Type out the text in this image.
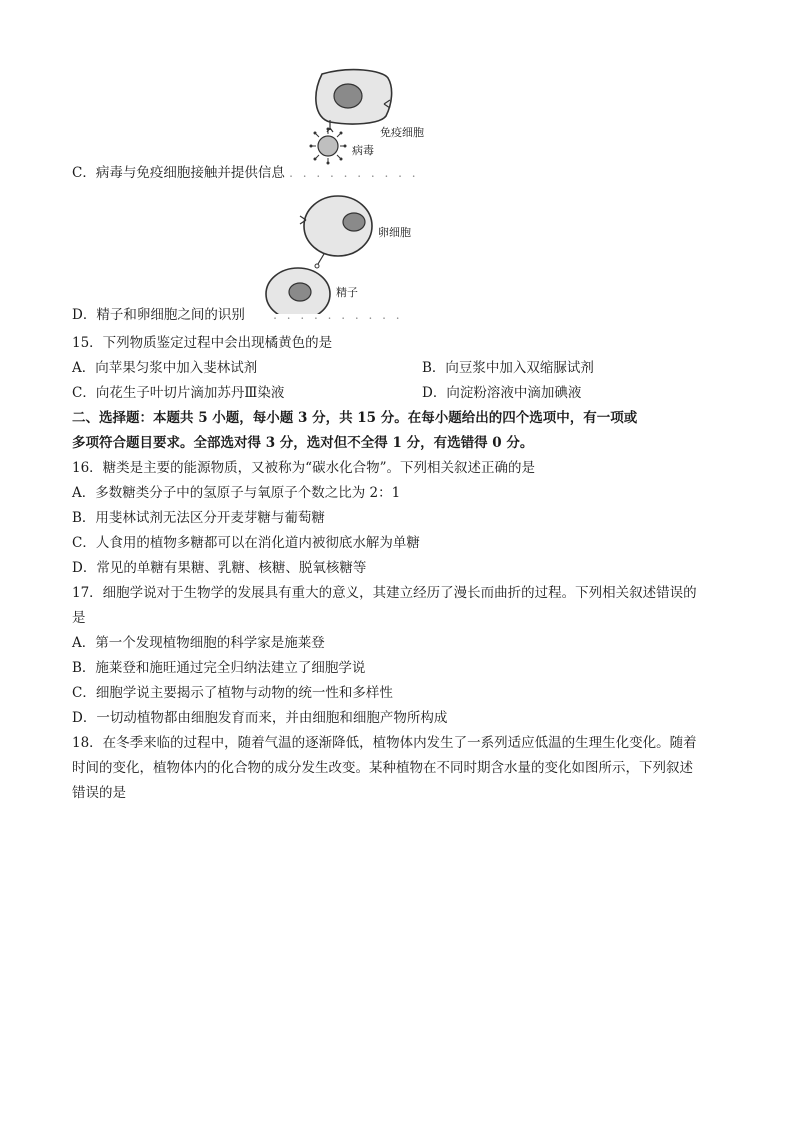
免疫细胞
病毒
C．病毒与免疫细胞接触并提供信息 . . . . . . . . . .
卵细胞
精子
D．精子和卵细胞之间的识别 . . . . . . . . . .
15．下列物质鉴定过程中会出现橘黄色的是
A．向苹果匀浆中加入斐林试剂	B．向豆浆中加入双缩脲试剂
C．向花生子叶切片滴加苏丹Ⅲ染液	D．向淀粉溶液中滴加碘液
二、选择题：本题共 5 小题，每小题 3 分，共 15 分。在每小题给出的四个选项中，有一项或
多项符合题目要求。全部选对得 3 分，选对但不全得 1 分，有选错得 0 分。
16．糖类是主要的能源物质，又被称为“碳水化合物”。下列相关叙述正确的是
A．多数糖类分子中的氢原子与氧原子个数之比为 2：1
B．用斐林试剂无法区分开麦芽糖与葡萄糖
C．人食用的植物多糖都可以在消化道内被彻底水解为单糖
D．常见的单糖有果糖、乳糖、核糖、脱氧核糖等
17．细胞学说对于生物学的发展具有重大的意义，其建立经历了漫长而曲折的过程。下列相关叙述错误的
是
A．第一个发现植物细胞的科学家是施莱登
B．施莱登和施旺通过完全归纳法建立了细胞学说
C．细胞学说主要揭示了植物与动物的统一性和多样性
D．一切动植物都由细胞发育而来，并由细胞和细胞产物所构成
18．在冬季来临的过程中，随着气温的逐渐降低，植物体内发生了一系列适应低温的生理生化变化。随着
时间的变化，植物体内的化合物的成分发生改变。某种植物在不同时期含水量的变化如图所示，下列叙述
错误的是
